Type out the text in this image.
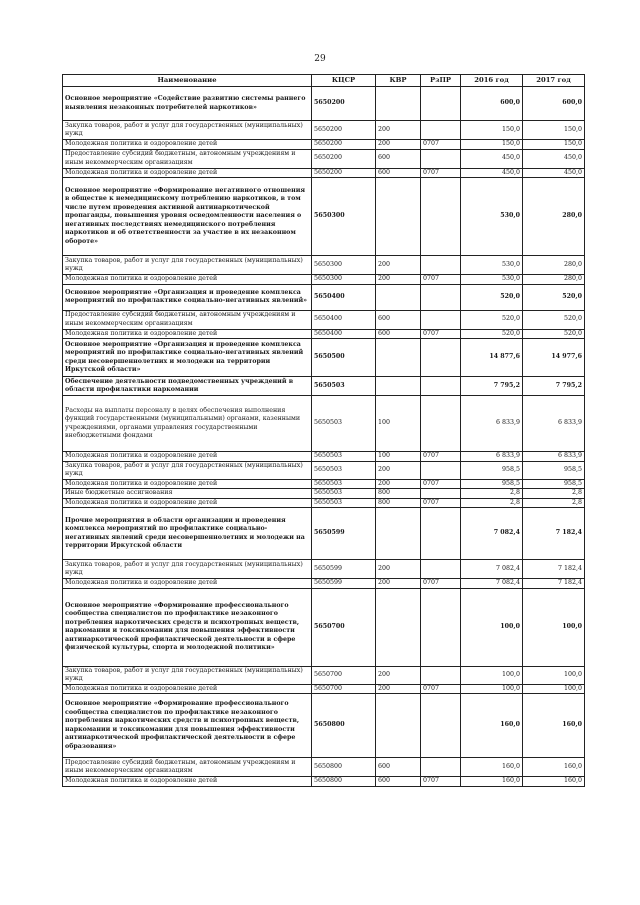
29
Наименование	КЦСР	КВР	РзПР	2016 год	2017 год
Основное мероприятие «Содействие развитию системы раннего выявления незаконных потребителей наркотиков»	5650200			600,0	600,0
Закупка товаров, работ и услуг для государственных (муниципальных) нужд	5650200	200		150,0	150,0
Молодежная политика и оздоровление детей	5650200	200	0707	150,0	150,0
Предоставление субсидий бюджетным, автономным учреждениям и иным некоммерческим организациям	5650200	600		450,0	450,0
Молодежная политика и оздоровление детей	5650200	600	0707	450,0	450,0
Основное мероприятие «Формирование негативного отношения в обществе к немедицинскому потреблению наркотиков, в том числе путем проведения активной антинаркотической пропаганды, повышения уровня осведомленности населения о негативных последствиях немедицинского потребления наркотиков и об ответственности за участие в их незаконном обороте»	5650300			530,0	280,0
Закупка товаров, работ и услуг для государственных (муниципальных) нужд	5650300	200		530,0	280,0
Молодежная политика и оздоровление детей	5650300	200	0707	530,0	280,0
Основное мероприятие «Организация и проведение комплекса мероприятий по профилактике социально-негативных явлений»	5650400			520,0	520,0
Предоставление субсидий бюджетным, автономным учреждениям и иным некоммерческим организациям	5650400	600		520,0	520,0
Молодежная политика и оздоровление детей	5650400	600	0707	520,0	520,0
Основное мероприятие «Организация и проведение комплекса мероприятий по профилактике социально-негативных явлений среди несовершеннолетних и молодежи на территории Иркутской области»	5650500			14 877,6	14 977,6
Обеспечение деятельности подведомственных учреждений в области профилактики наркомании	5650503			7 795,2	7 795,2
Расходы на выплаты персоналу в целях обеспечения выполнения функций государственными (муниципальными) органами, казенными учреждениями, органами управления государственными внебюджетными фондами	5650503	100		6 833,9	6 833,9
Молодежная политика и оздоровление детей	5650503	100	0707	6 833,9	6 833,9
Закупка товаров, работ и услуг для государственных (муниципальных) нужд	5650503	200		958,5	958,5
Молодежная политика и оздоровление детей	5650503	200	0707	958,5	958,5
Иные бюджетные ассигнования	5650503	800		2,8	2,8
Молодежная политика и оздоровление детей	5650503	800	0707	2,8	2,8
Прочие мероприятия в области организации и проведения комплекса мероприятий по профилактике социально-негативных явлений среди несовершеннолетних и молодежи на территории Иркутской области	5650599			7 082,4	7 182,4
Закупка товаров, работ и услуг для государственных (муниципальных) нужд	5650599	200		7 082,4	7 182,4
Молодежная политика и оздоровление детей	5650599	200	0707	7 082,4	7 182,4
Основное мероприятие «Формирование профессионального сообщества специалистов по профилактике незаконного потребления наркотических средств и психотропных веществ, наркомании и токсикомании для повышения эффективности антинаркотической профилактической деятельности в сфере физической культуры, спорта и молодежной политики»	5650700			100,0	100,0
Закупка товаров, работ и услуг для государственных (муниципальных) нужд	5650700	200		100,0	100,0
Молодежная политика и оздоровление детей	5650700	200	0707	100,0	100,0
Основное мероприятие «Формирование профессионального сообщества специалистов по профилактике незаконного потребления наркотических средств и психотропных веществ, наркомании и токсикомании для повышения эффективности антинаркотической профилактической деятельности в сфере образования»	5650800			160,0	160,0
Предоставление субсидий бюджетным, автономным учреждениям и иным некоммерческим организациям	5650800	600		160,0	160,0
Молодежная политика и оздоровление детей	5650800	600	0707	160,0	160,0
